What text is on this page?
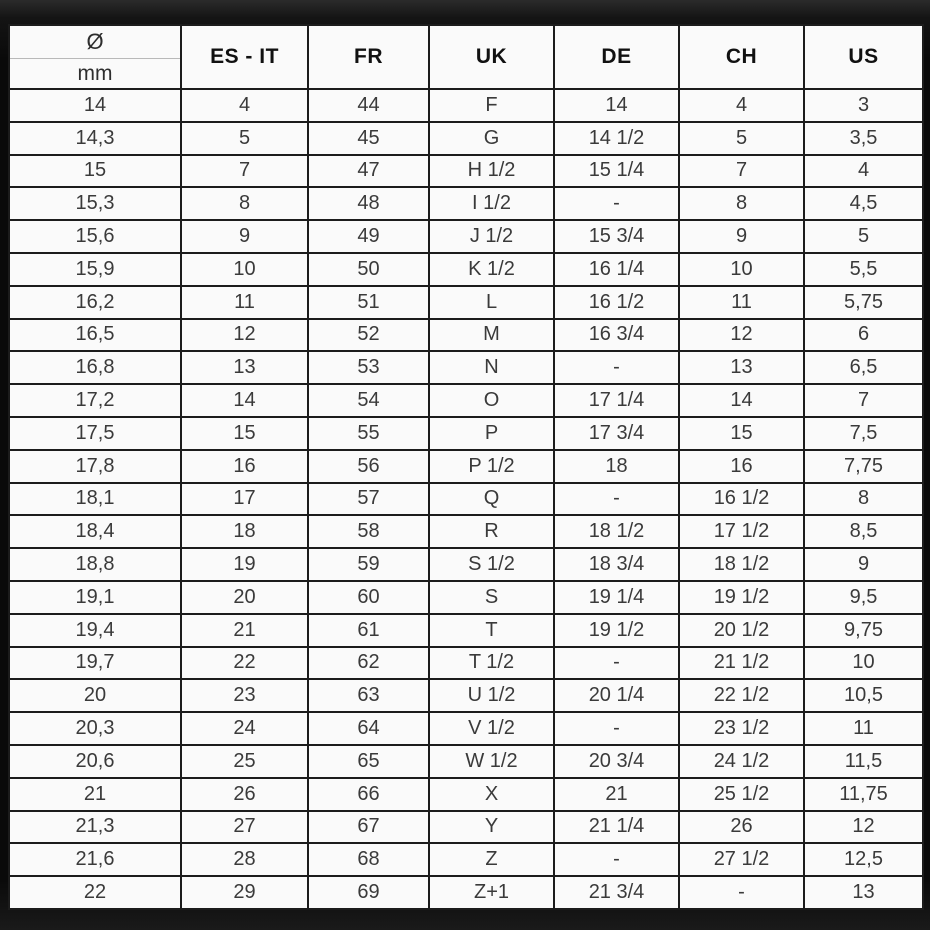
Ø
mm	ES - IT	FR	UK	DE	CH	US
14	4	44	F	14	4	3
14,3	5	45	G	14 1/2	5	3,5
15	7	47	H 1/2	15 1/4	7	4
15,3	8	48	I 1/2	-	8	4,5
15,6	9	49	J 1/2	15 3/4	9	5
15,9	10	50	K 1/2	16 1/4	10	5,5
16,2	11	51	L	16 1/2	11	5,75
16,5	12	52	M	16 3/4	12	6
16,8	13	53	N	-	13	6,5
17,2	14	54	O	17 1/4	14	7
17,5	15	55	P	17 3/4	15	7,5
17,8	16	56	P 1/2	18	16	7,75
18,1	17	57	Q	-	16 1/2	8
18,4	18	58	R	18 1/2	17 1/2	8,5
18,8	19	59	S 1/2	18 3/4	18 1/2	9
19,1	20	60	S	19 1/4	19 1/2	9,5
19,4	21	61	T	19 1/2	20 1/2	9,75
19,7	22	62	T 1/2	-	21 1/2	10
20	23	63	U 1/2	20 1/4	22 1/2	10,5
20,3	24	64	V 1/2	-	23 1/2	11
20,6	25	65	W 1/2	20 3/4	24 1/2	11,5
21	26	66	X	21	25 1/2	11,75
21,3	27	67	Y	21 1/4	26	12
21,6	28	68	Z	-	27 1/2	12,5
22	29	69	Z+1	21 3/4	-	13
